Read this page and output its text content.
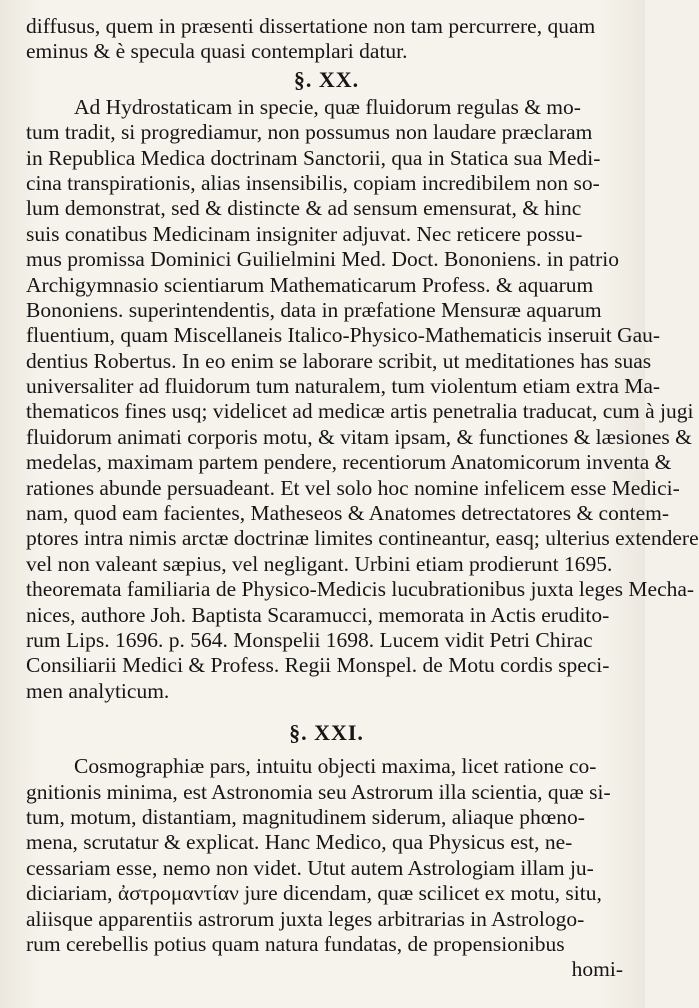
diffusus, quem in præsenti dissertatione non tam percurrere, quam
eminus & è specula quasi contemplari datur.
§. XX.
Ad Hydrostaticam in specie, quæ fluidorum regulas & mo-
tum tradit, si progrediamur, non possumus non laudare præclaram
in Republica Medica doctrinam Sanctorii, qua in Statica sua Medi-
cina transpirationis, alias insensibilis, copiam incredibilem non so-
lum demonstrat, sed & distincte & ad sensum emensurat, & hinc
suis conatibus Medicinam insigniter adjuvat. Nec reticere possu-
mus promissa Dominici Guilielmini Med. Doct. Bononiens. in patrio
Archigymnasio scientiarum Mathematicarum Profess. & aquarum
Bononiens. superintendentis, data in præfatione Mensuræ aquarum
fluentium, quam Miscellaneis Italico-Physico-Mathematicis inseruit Gau-
dentius Robertus. In eo enim se laborare scribit, ut meditationes has suas
universaliter ad fluidorum tum naturalem, tum violentum etiam extra Ma-
thematicos fines usq; videlicet ad medicæ artis penetralia traducat, cum à jugi
fluidorum animati corporis motu, & vitam ipsam, & functiones & læsiones &
medelas, maximam partem pendere, recentiorum Anatomicorum inventa &
rationes abunde persuadeant. Et vel solo hoc nomine infelicem esse Medici-
nam, quod eam facientes, Matheseos & Anatomes detrectatores & contem-
ptores intra nimis arctæ doctrinæ limites contineantur, easq; ulterius extendere
vel non valeant sæpius, vel negligant. Urbini etiam prodierunt 1695.
theoremata familiaria de Physico-Medicis lucubrationibus juxta leges Mecha-
nices, authore Joh. Baptista Scaramucci, memorata in Actis erudito-
rum Lips. 1696. p. 564. Monspelii 1698. Lucem vidit Petri Chirac
Consiliarii Medici & Profess. Regii Monspel. de Motu cordis speci-
men analyticum.
§. XXI.
Cosmographiæ pars, intuitu objecti maxima, licet ratione co-
gnitionis minima, est Astronomia seu Astrorum illa scientia, quæ si-
tum, motum, distantiam, magnitudinem siderum, aliaque phœno-
mena, scrutatur & explicat. Hanc Medico, qua Physicus est, ne-
cessariam esse, nemo non videt. Utut autem Astrologiam illam ju-
diciariam, ἀστρομαντίαν jure dicendam, quæ scilicet ex motu, situ,
aliisque apparentiis astrorum juxta leges arbitrarias in Astrologo-
rum cerebellis potius quam natura fundatas, de propensionibus
homi-
